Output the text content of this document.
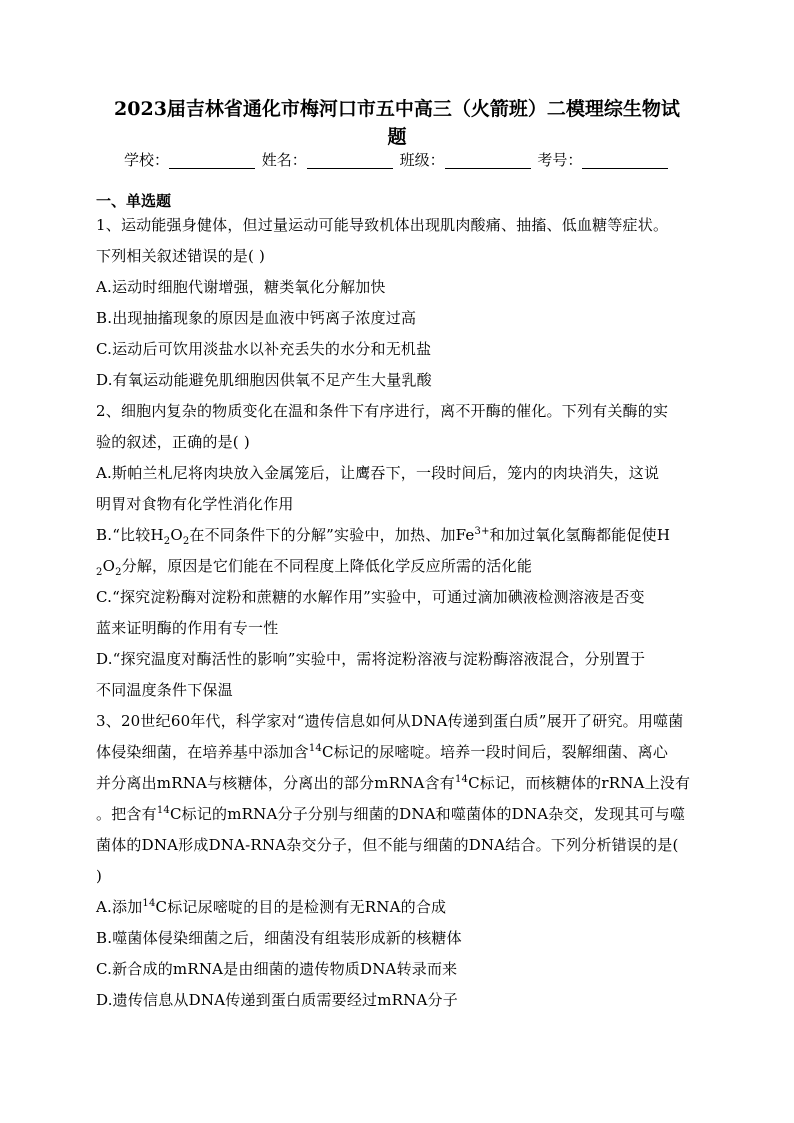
2023届吉林省通化市梅河口市五中高三（火箭班）二模理综生物试
题
学校：	姓名：	班级：	考号：
一、单选题
1、运动能强身健体，但过量运动可能导致机体出现肌肉酸痛、抽搐、低血糖等症状。
下列相关叙述错误的是( )
A.运动时细胞代谢增强，糖类氧化分解加快
B.出现抽搐现象的原因是血液中钙离子浓度过高
C.运动后可饮用淡盐水以补充丢失的水分和无机盐
D.有氧运动能避免肌细胞因供氧不足产生大量乳酸
2、细胞内复杂的物质变化在温和条件下有序进行，离不开酶的催化。下列有关酶的实
验的叙述，正确的是( )
A.斯帕兰札尼将肉块放入金属笼后，让鹰吞下，一段时间后，笼内的肉块消失，这说
明胃对食物有化学性消化作用
B.“比较$H_2O_2$在不同条件下的分解”实验中，加热、加$Fe^{3+}$和加过氧化氢酶都能促使H
$_2O_2$分解，原因是它们能在不同程度上降低化学反应所需的活化能
C.“探究淀粉酶对淀粉和蔗糖的水解作用”实验中，可通过滴加碘液检测溶液是否变
蓝来证明酶的作用有专一性
D.“探究温度对酶活性的影响”实验中，需将淀粉溶液与淀粉酶溶液混合，分别置于
不同温度条件下保温
3、20世纪60年代，科学家对“遗传信息如何从DNA传递到蛋白质”展开了研究。用噬菌
体侵染细菌，在培养基中添加含$^{14}$C标记的尿嘧啶。培养一段时间后，裂解细菌、离心
并分离出mRNA与核糖体，分离出的部分mRNA含有$^{14}$C标记，而核糖体的rRNA上没有
。把含有$^{14}$C标记的mRNA分子分别与细菌的DNA和噬菌体的DNA杂交，发现其可与噬
菌体的DNA形成DNA-RNA杂交分子，但不能与细菌的DNA结合。下列分析错误的是(
)
A.添加$^{14}$C标记尿嘧啶的目的是检测有无RNA的合成
B.噬菌体侵染细菌之后，细菌没有组装形成新的核糖体
C.新合成的mRNA是由细菌的遗传物质DNA转录而来
D.遗传信息从DNA传递到蛋白质需要经过mRNA分子
